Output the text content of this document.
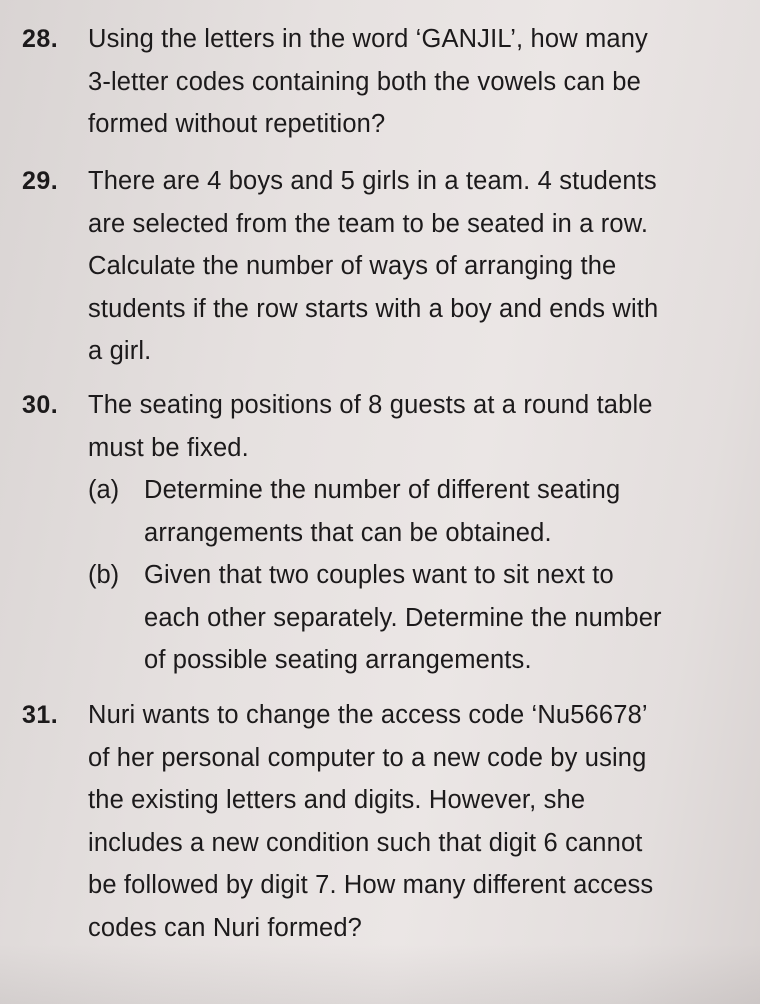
28. Using the letters in the word ‘GANJIL’, how many
3-letter codes containing both the vowels can be
formed without repetition?
29. There are 4 boys and 5 girls in a team. 4 students
are selected from the team to be seated in a row.
Calculate the number of ways of arranging the
students if the row starts with a boy and ends with
a girl.
30. The seating positions of 8 guests at a round table
must be fixed.
(a) Determine the number of different seating
arrangements that can be obtained.
(b) Given that two couples want to sit next to
each other separately. Determine the number
of possible seating arrangements.
31. Nuri wants to change the access code ‘Nu56678’
of her personal computer to a new code by using
the existing letters and digits. However, she
includes a new condition such that digit 6 cannot
be followed by digit 7. How many different access
codes can Nuri formed?
